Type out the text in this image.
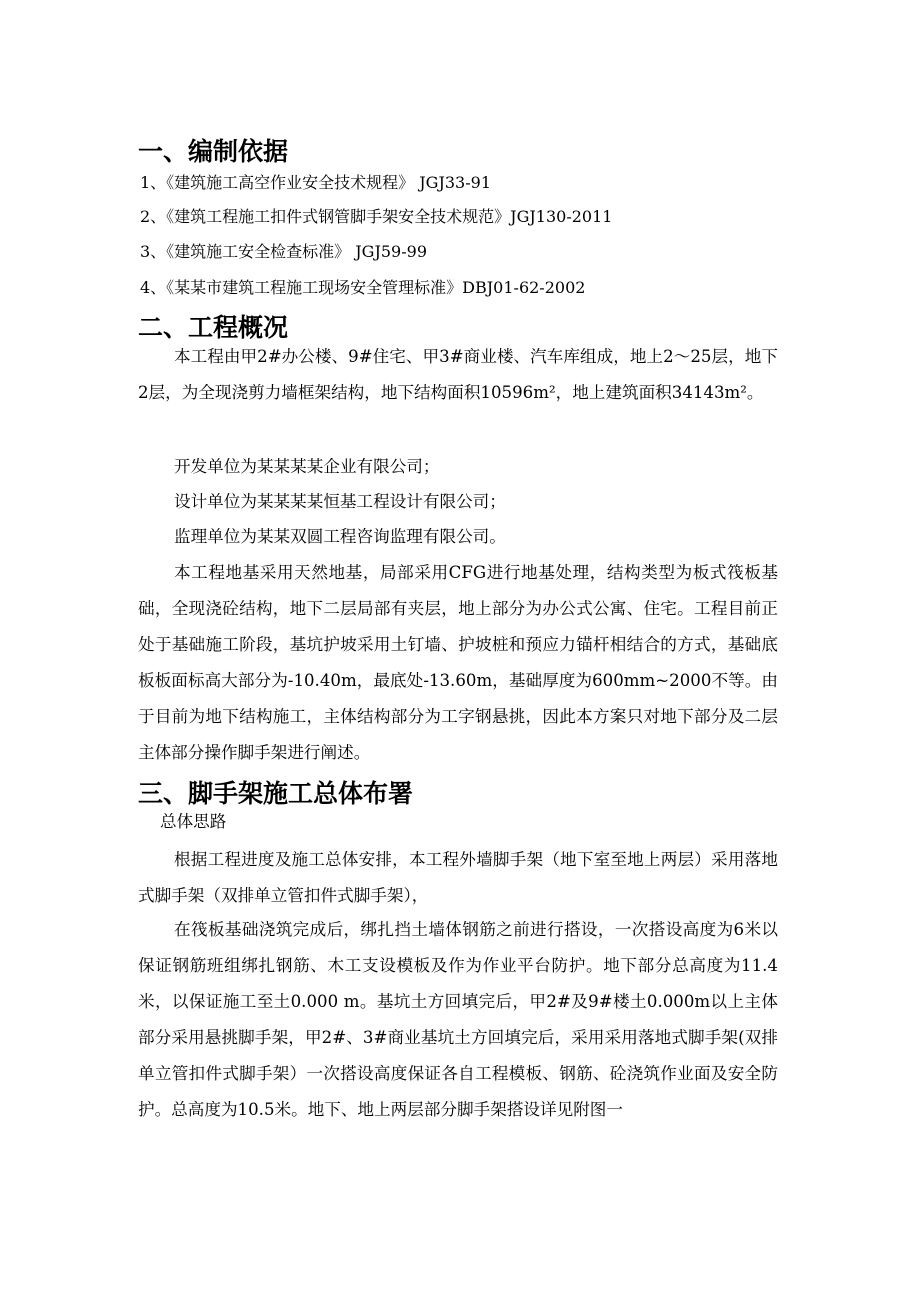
一、编制依据

1、《建筑施工高空作业安全技术规程》 JGJ33-91

2、《建筑工程施工扣件式钢管脚手架安全技术规范》JGJ130-2011

3、《建筑施工安全检查标准》 JGJ59-99

4、《某某市建筑工程施工现场安全管理标准》DBJ01-62-2002

二、工程概况

本工程由甲2#办公楼、9#住宅、甲3#商业楼、汽车库组成，地上2～25层，地下2层，为全现浇剪力墙框架结构，地下结构面积10596m²，地上建筑面积34143m²。

开发单位为某某某某企业有限公司；

设计单位为某某某某恒基工程设计有限公司；

监理单位为某某双圆工程咨询监理有限公司。

本工程地基采用天然地基，局部采用CFG进行地基处理，结构类型为板式筏板基础，全现浇砼结构，地下二层局部有夹层，地上部分为办公式公寓、住宅。工程目前正处于基础施工阶段，基坑护坡采用土钉墙、护坡桩和预应力锚杆相结合的方式，基础底板板面标高大部分为-10.40m，最底处-13.60m，基础厚度为600mm~2000不等。由于目前为地下结构施工，主体结构部分为工字钢悬挑，因此本方案只对地下部分及二层主体部分操作脚手架进行阐述。

三、脚手架施工总体布署

总体思路

根据工程进度及施工总体安排，本工程外墙脚手架（地下室至地上两层）采用落地式脚手架（双排单立管扣件式脚手架），

在筏板基础浇筑完成后，绑扎挡土墙体钢筋之前进行搭设，一次搭设高度为6米以保证钢筋班组绑扎钢筋、木工支设模板及作为作业平台防护。地下部分总高度为11.4米，以保证施工至土0.000 m。基坑土方回填完后，甲2#及9#楼土0.000m以上主体部分采用悬挑脚手架，甲2#、3#商业基坑土方回填完后，采用采用落地式脚手架(双排单立管扣件式脚手架）一次搭设高度保证各自工程模板、钢筋、砼浇筑作业面及安全防护。总高度为10.5米。地下、地上两层部分脚手架搭设详见附图一
